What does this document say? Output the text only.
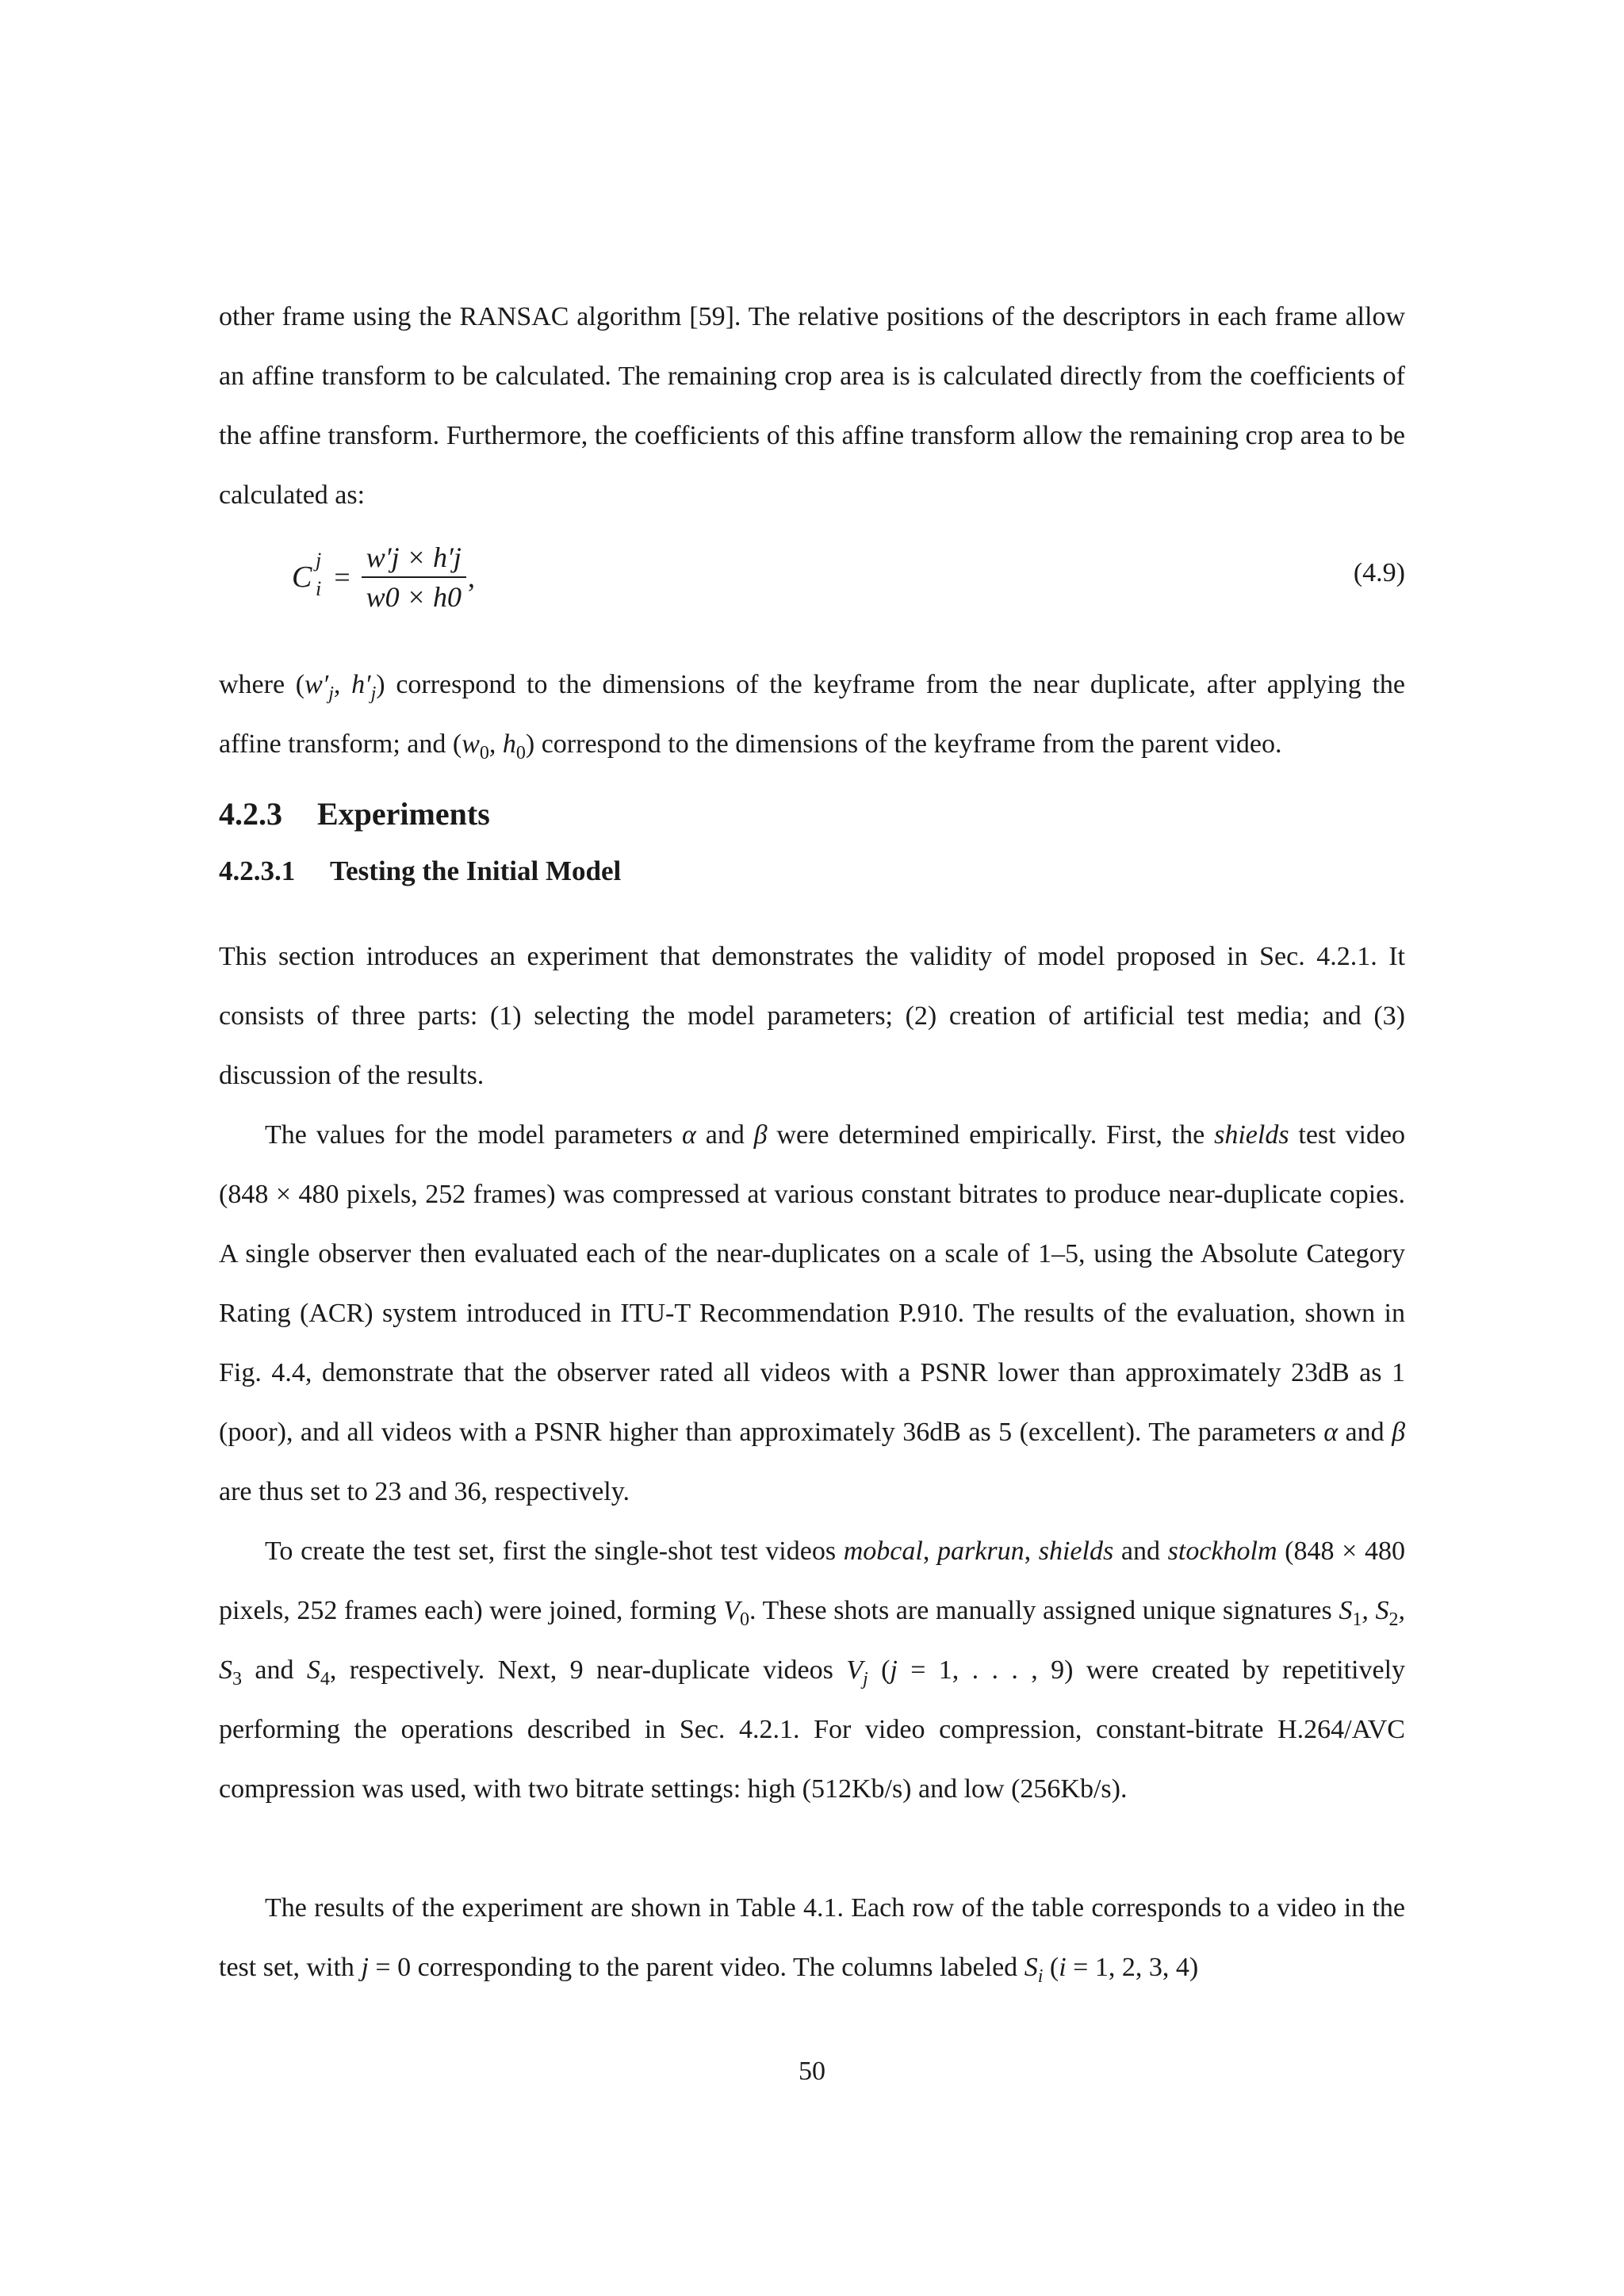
other frame using the RANSAC algorithm [59]. The relative positions of the descriptors in each frame allow an affine transform to be calculated. The remaining crop area is is calculated directly from the coefficients of the affine transform. Furthermore, the coefficients of this affine transform allow the remaining crop area to be calculated as:

C
j
$i = \frac{w'j \times h'j}{w0 \times h0}$ ,	(4.9)

where ($w'_j$, $h'_j$) correspond to the dimensions of the keyframe from the near duplicate, after applying the affine transform; and ($w_0$, $h_0$) correspond to the dimensions of the keyframe from the parent video.

4.2.3 Experiments
4.2.3.1 Testing the Initial Model

This section introduces an experiment that demonstrates the validity of model proposed in Sec. 4.2.1. It consists of three parts: (1) selecting the model parameters; (2) creation of artificial test media; and (3) discussion of the results.

The values for the model parameters α and β were determined empirically. First, the shields test video (848 × 480 pixels, 252 frames) was compressed at various constant bitrates to produce near-duplicate copies. A single observer then evaluated each of the near-duplicates on a scale of 1–5, using the Absolute Category Rating (ACR) system introduced in ITU-T Recommendation P.910. The results of the evaluation, shown in Fig. 4.4, demonstrate that the observer rated all videos with a PSNR lower than approximately 23dB as 1 (poor), and all videos with a PSNR higher than approximately 36dB as 5 (excellent). The parameters α and β are thus set to 23 and 36, respectively.

To create the test set, first the single-shot test videos mobcal, parkrun, shields and stockholm (848 × 480 pixels, 252 frames each) were joined, forming $V_0$. These shots are manually assigned unique signatures $S_1$, $S_2$, $S_3$ and $S_4$, respectively. Next, 9 near-duplicate videos $V_j$ (j = 1, . . . , 9) were created by repetitively performing the operations described in Sec. 4.2.1. For video compression, constant-bitrate H.264/AVC compression was used, with two bitrate settings: high (512Kb/s) and low (256Kb/s).

The results of the experiment are shown in Table 4.1. Each row of the table corresponds to a video in the test set, with j = 0 corresponding to the parent video. The columns labeled $S_i$ (i = 1, 2, 3, 4)

50
